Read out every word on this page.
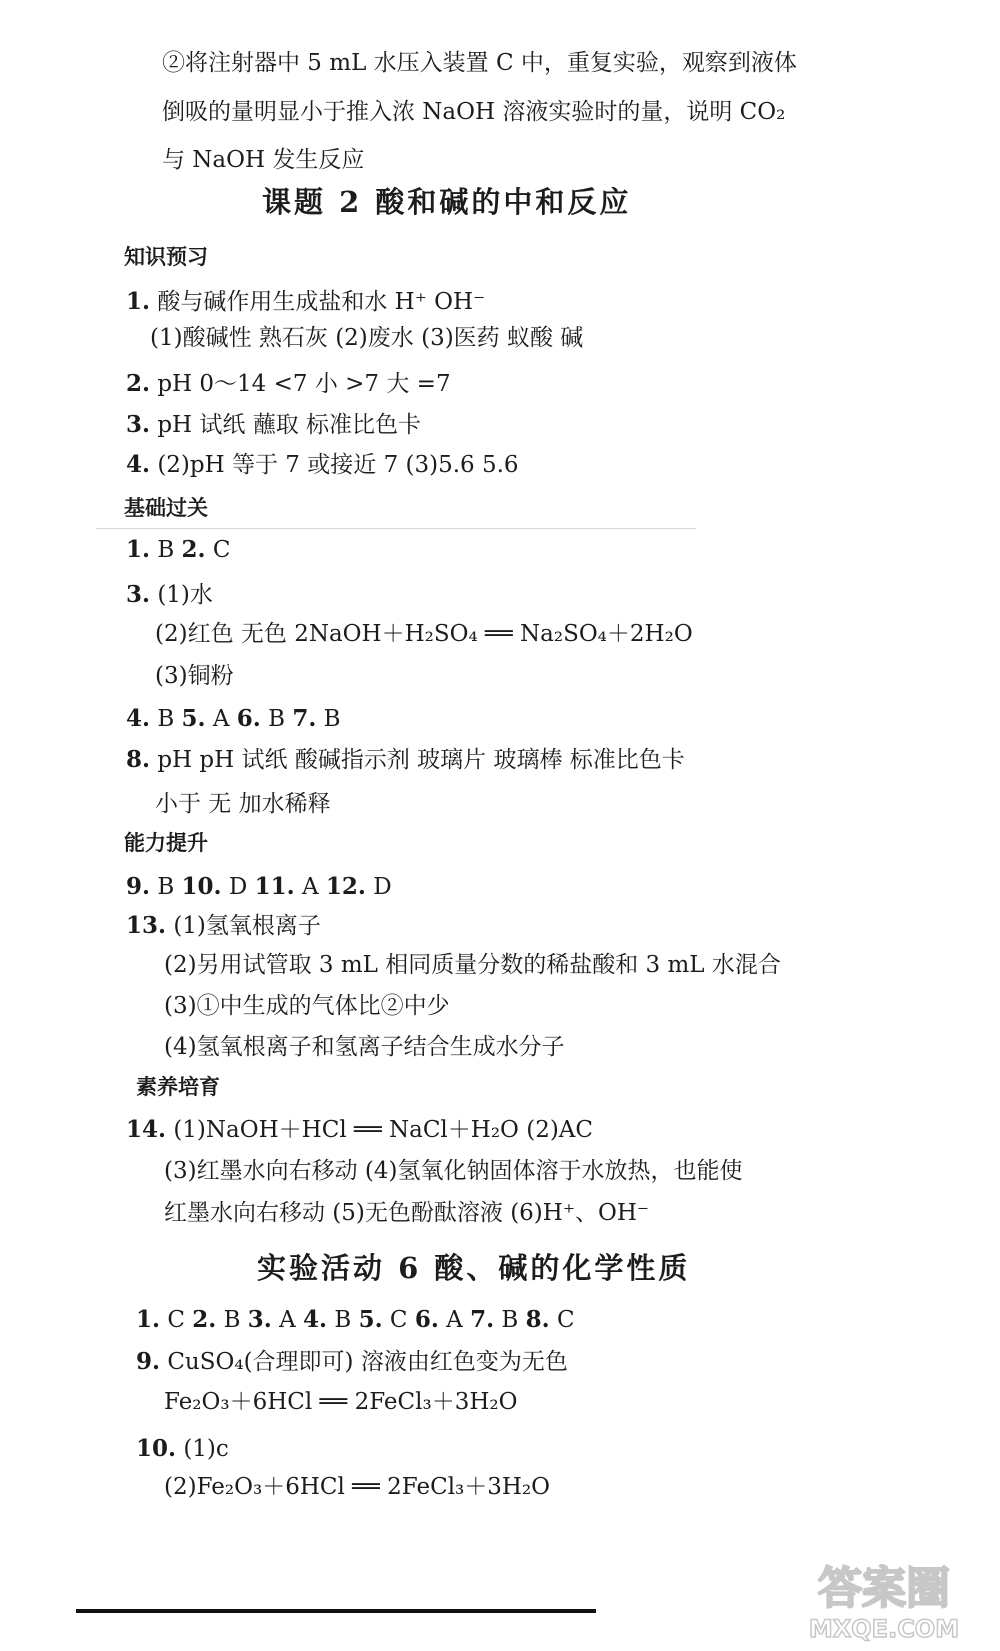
课题 2 酸和碱的中和反应
实验活动 6 酸、碱的化学性质
知识预习
基础过关
能力提升
素养培育
②将注射器中 5 mL 水压入装置 C 中，重复实验，观察到液体
倒吸的量明显小于推入浓 NaOH 溶液实验时的量，说明 CO₂
与 NaOH 发生反应
1. 酸与碱作用生成盐和水 H⁺ OH⁻
(1)酸碱性 熟石灰 (2)废水 (3)医药 蚁酸 碱
2. pH 0～14 <7 小 >7 大 =7
3. pH 试纸 蘸取 标准比色卡
4. (2)pH 等于 7 或接近 7 (3)5.6 5.6
1. B 2. C
3. (1)水
(2)红色 无色 2NaOH＋H₂SO₄ ══ Na₂SO₄＋2H₂O
(3)铜粉
4. B 5. A 6. B 7. B
8. pH pH 试纸 酸碱指示剂 玻璃片 玻璃棒 标准比色卡
小于 无 加水稀释
9. B 10. D 11. A 12. D
13. (1)氢氧根离子
(2)另用试管取 3 mL 相同质量分数的稀盐酸和 3 mL 水混合
(3)①中生成的气体比②中少
(4)氢氧根离子和氢离子结合生成水分子
14. (1)NaOH＋HCl ══ NaCl＋H₂O (2)AC
(3)红墨水向右移动 (4)氢氧化钠固体溶于水放热，也能使
红墨水向右移动 (5)无色酚酞溶液 (6)H⁺、OH⁻
1. C 2. B 3. A 4. B 5. C 6. A 7. B 8. C
9. CuSO₄(合理即可) 溶液由红色变为无色
Fe₂O₃＋6HCl ══ 2FeCl₃＋3H₂O
10. (1)c
(2)Fe₂O₃＋6HCl ══ 2FeCl₃＋3H₂O
答案圈
MXQE.COM
